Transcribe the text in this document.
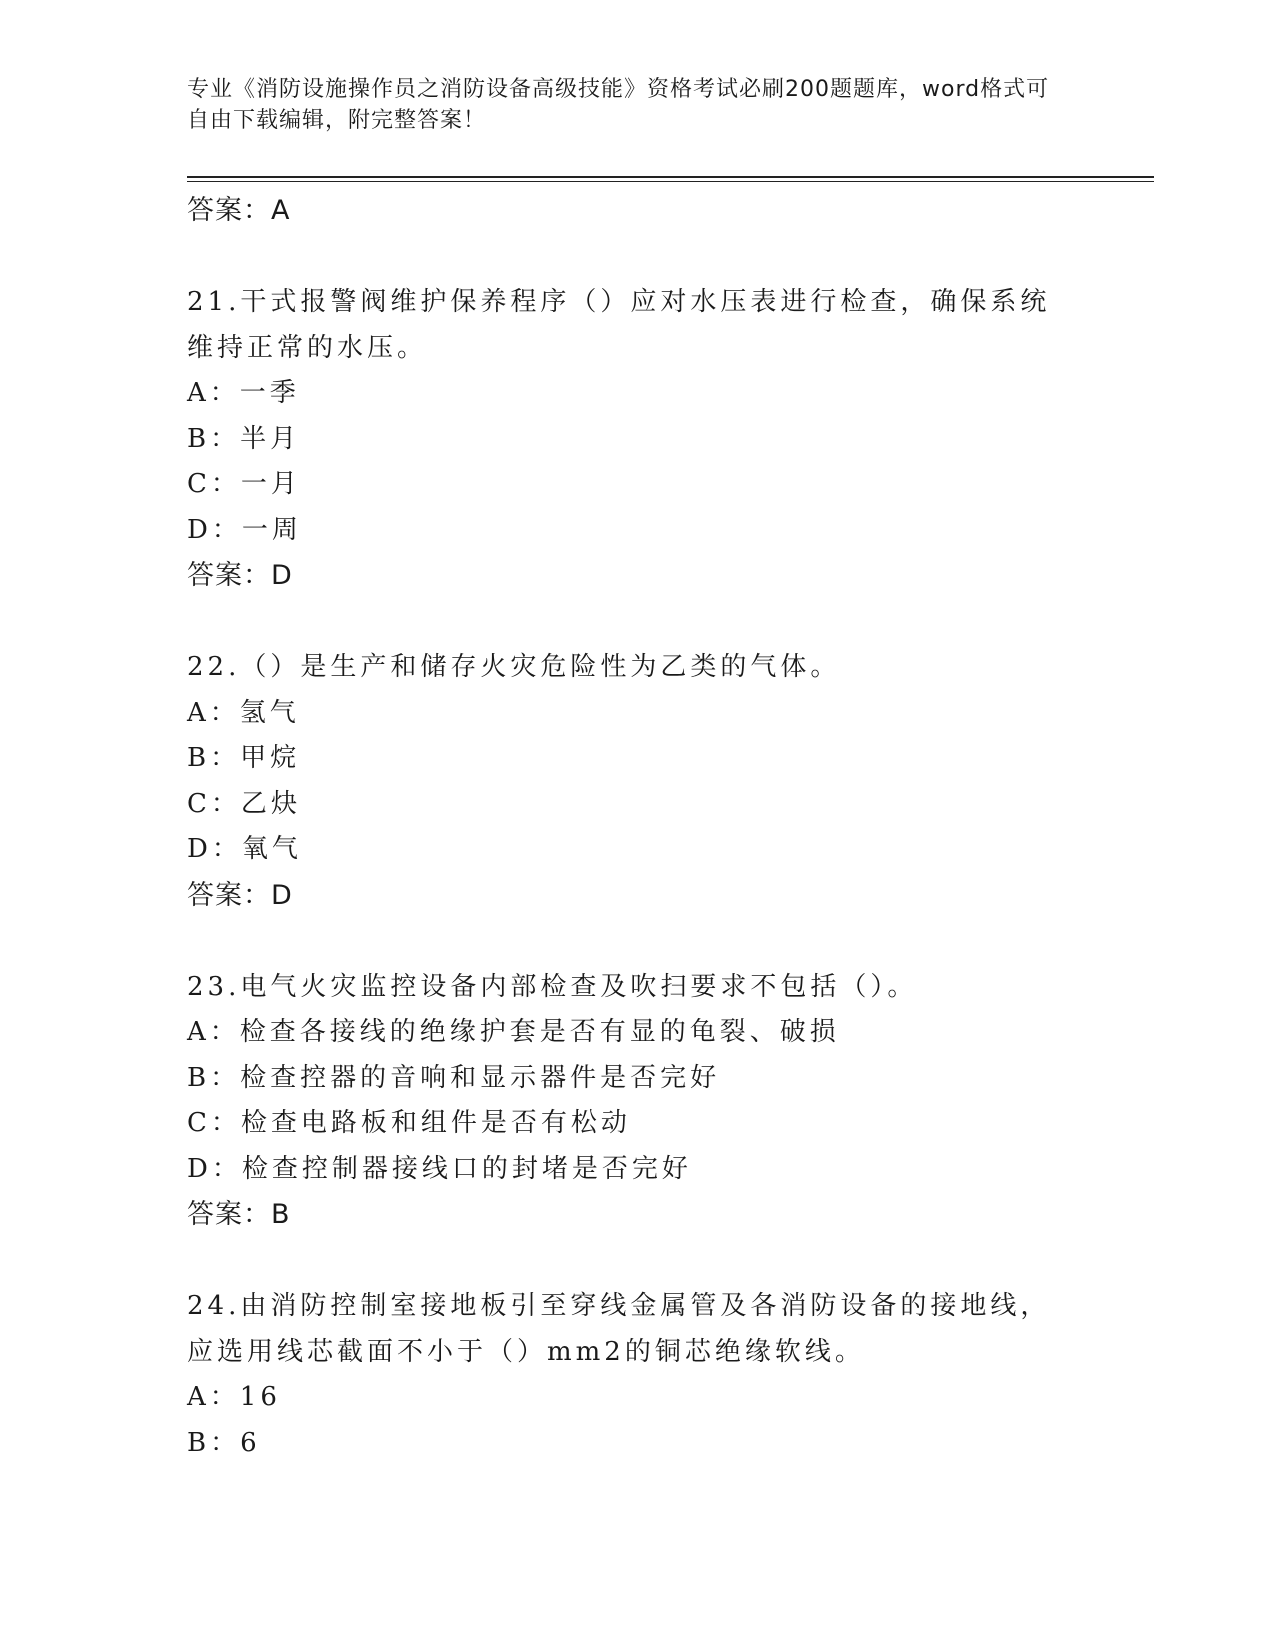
专业《消防设施操作员之消防设备高级技能》资格考试必刷200题题库，word格式可自由下载编辑，附完整答案！
答案：A
21.干式报警阀维护保养程序（）应对水压表进行检查，确保系统维持正常的水压。
A：一季
B：半月
C：一月
D：一周
答案：D
22.（）是生产和储存火灾危险性为乙类的气体。
A：氢气
B：甲烷
C：乙炔
D：氧气
答案：D
23.电气火灾监控设备内部检查及吹扫要求不包括（）。
A：检查各接线的绝缘护套是否有显的龟裂、破损
B：检查控器的音响和显示器件是否完好
C：检查电路板和组件是否有松动
D：检查控制器接线口的封堵是否完好
答案：B
24.由消防控制室接地板引至穿线金属管及各消防设备的接地线，应选用线芯截面不小于（）mm2的铜芯绝缘软线。
A：16
B：6
